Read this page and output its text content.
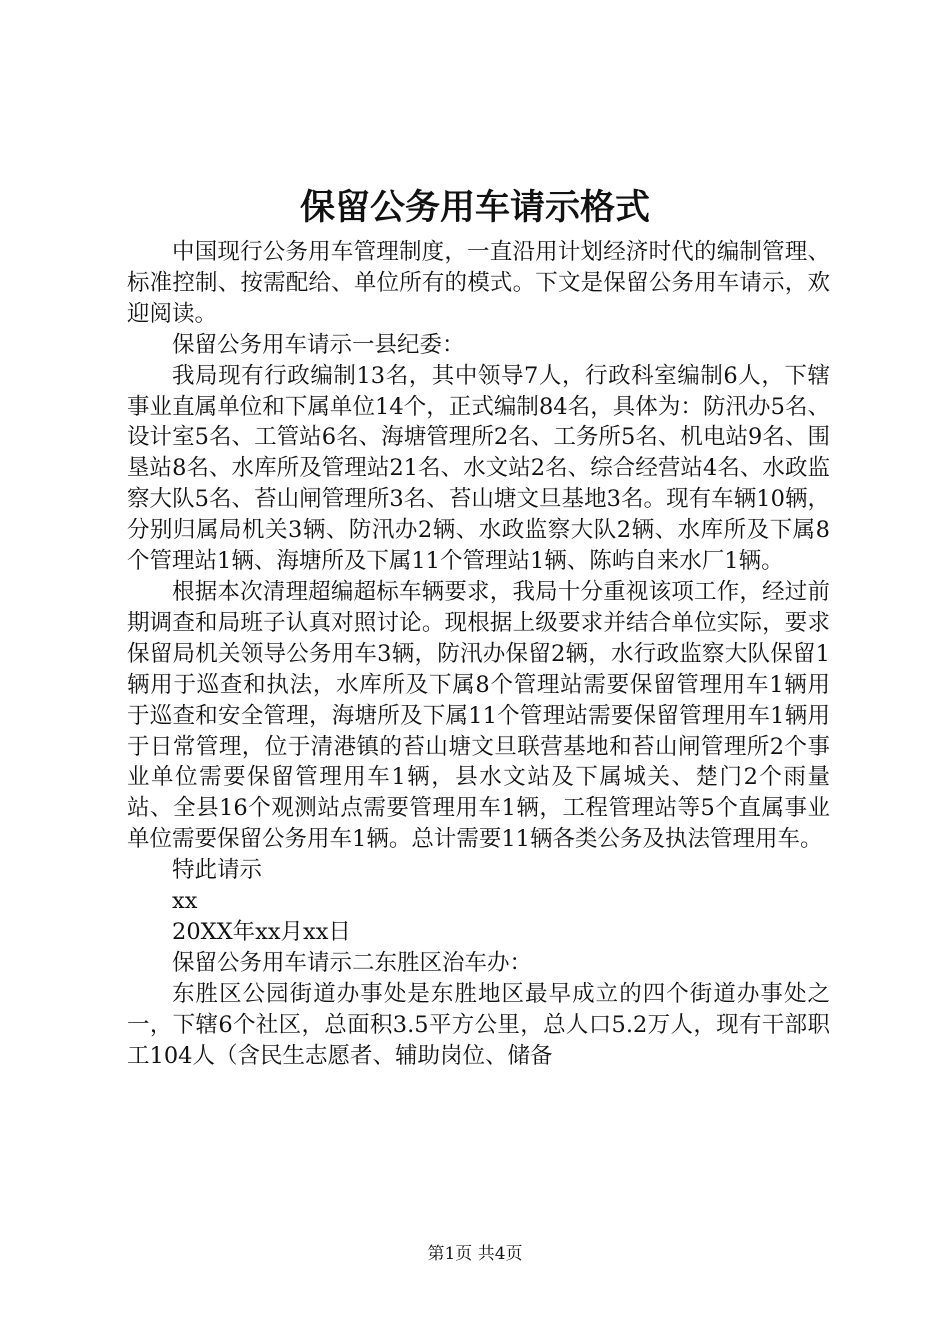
保留公务用车请示格式

中国现行公务用车管理制度，一直沿用计划经济时代的编制管理、标准控制、按需配给、单位所有的模式。下文是保留公务用车请示，欢迎阅读。

保留公务用车请示一县纪委：

我局现有行政编制13名，其中领导7人，行政科室编制6人，下辖事业直属单位和下属单位14个，正式编制84名，具体为：防汛办5名、设计室5名、工管站6名、海塘管理所2名、工务所5名、机电站9名、围垦站8名、水库所及管理站21名、水文站2名、综合经营站4名、水政监察大队5名、苔山闸管理所3名、苔山塘文旦基地3名。现有车辆10辆，分别归属局机关3辆、防汛办2辆、水政监察大队2辆、水库所及下属8个管理站1辆、海塘所及下属11个管理站1辆、陈屿自来水厂1辆。

根据本次清理超编超标车辆要求，我局十分重视该项工作，经过前期调查和局班子认真对照讨论。现根据上级要求并结合单位实际，要求保留局机关领导公务用车3辆，防汛办保留2辆，水行政监察大队保留1辆用于巡查和执法，水库所及下属8个管理站需要保留管理用车1辆用于巡查和安全管理，海塘所及下属11个管理站需要保留管理用车1辆用于日常管理，位于清港镇的苔山塘文旦联营基地和苔山闸管理所2个事业单位需要保留管理用车1辆，县水文站及下属城关、楚门2个雨量站、全县16个观测站点需要管理用车1辆，工程管理站等5个直属事业单位需要保留公务用车1辆。总计需要11辆各类公务及执法管理用车。

特此请示

xx

20XX年xx月xx日

保留公务用车请示二东胜区治车办：

东胜区公园街道办事处是东胜地区最早成立的四个街道办事处之一，下辖6个社区，总面积3.5平方公里，总人口5.2万人，现有干部职工104人（含民生志愿者、辅助岗位、储备

第1页 共4页
